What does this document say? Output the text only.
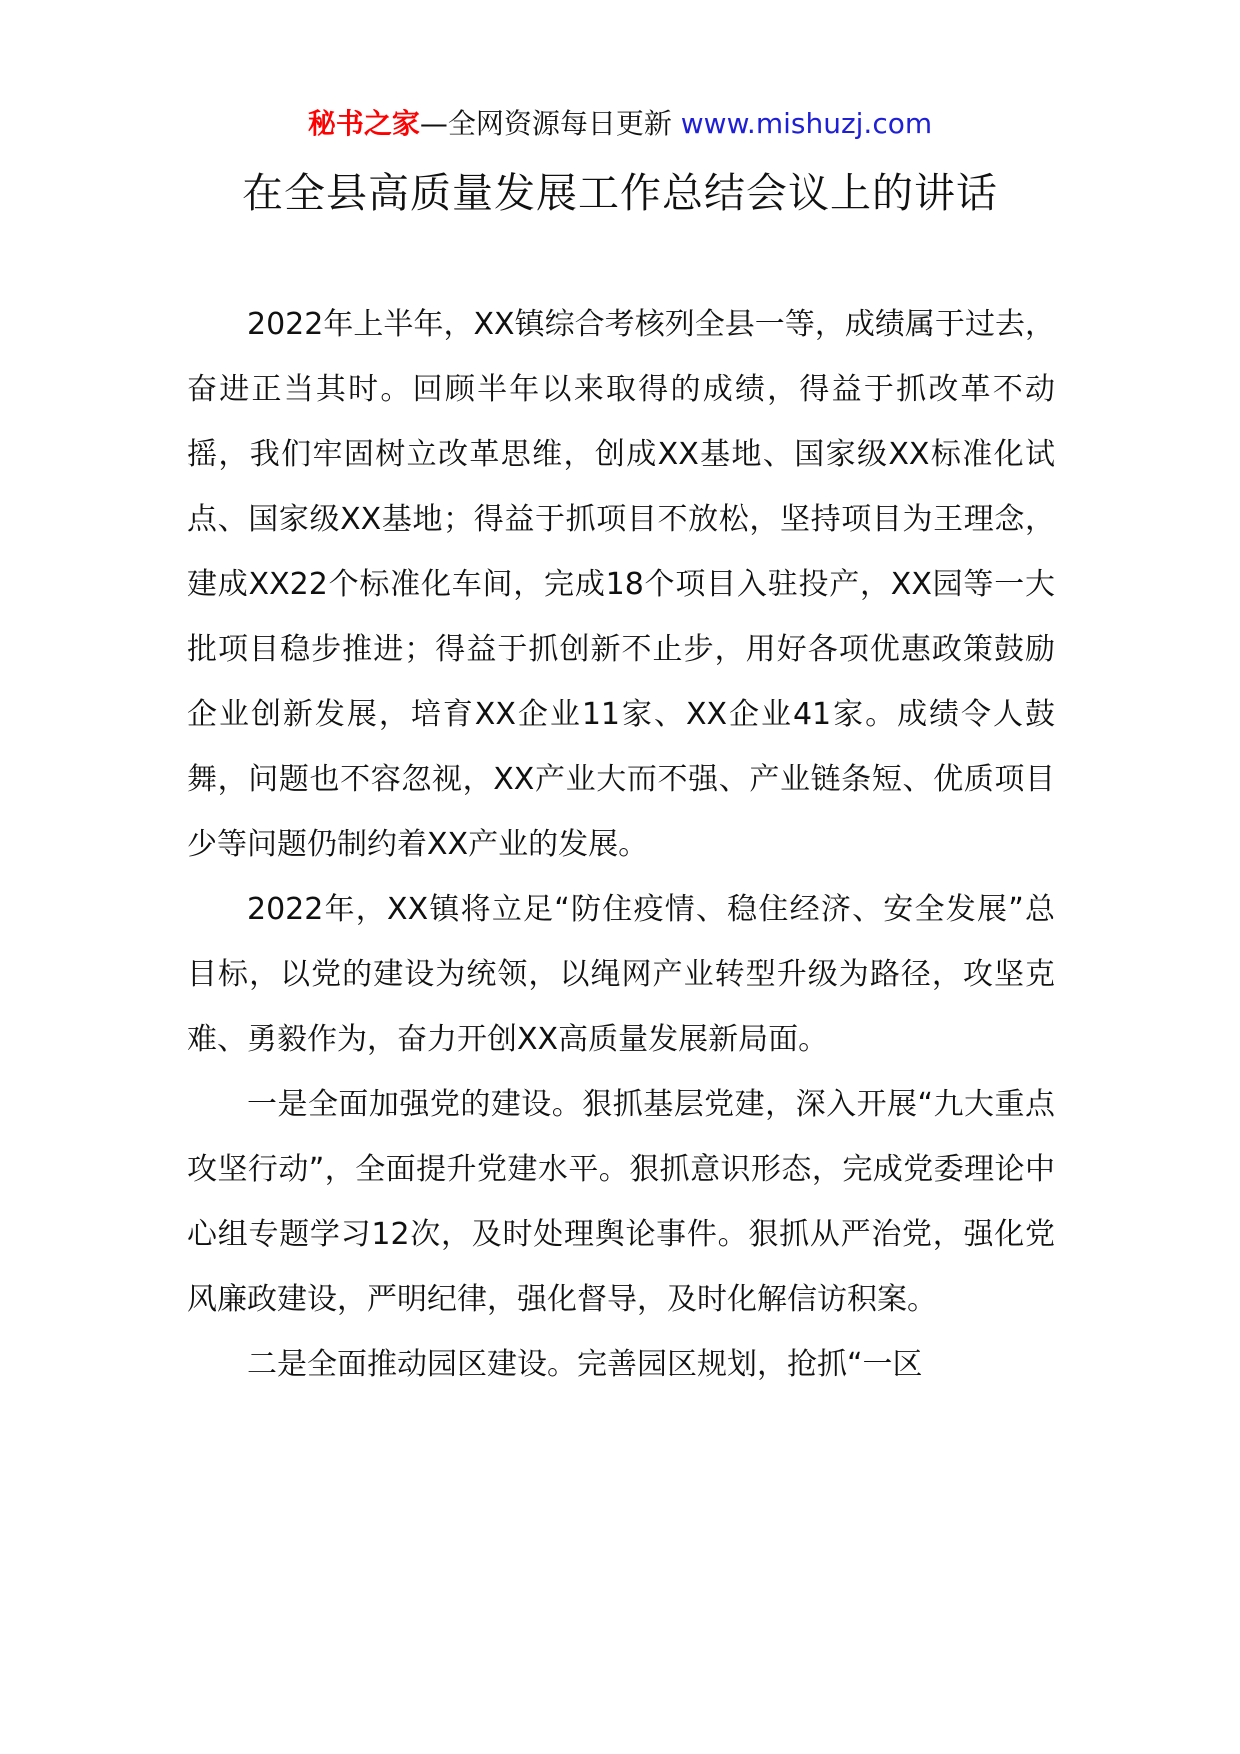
秘书之家—全网资源每日更新 www.mishuzj.com
在全县高质量发展工作总结会议上的讲话

2022年上半年，XX镇综合考核列全县一等，成绩属于过去，奋进正当其时。回顾半年以来取得的成绩，得益于抓改革不动摇，我们牢固树立改革思维，创成XX基地、国家级XX标准化试点、国家级XX基地；得益于抓项目不放松，坚持项目为王理念，建成XX22个标准化车间，完成18个项目入驻投产，XX园等一大批项目稳步推进；得益于抓创新不止步，用好各项优惠政策鼓励企业创新发展，培育XX企业11家、XX企业41家。成绩令人鼓舞，问题也不容忽视，XX产业大而不强、产业链条短、优质项目少等问题仍制约着XX产业的发展。

2022年，XX镇将立足“防住疫情、稳住经济、安全发展”总目标，以党的建设为统领，以绳网产业转型升级为路径，攻坚克难、勇毅作为，奋力开创XX高质量发展新局面。

一是全面加强党的建设。狠抓基层党建，深入开展“九大重点攻坚行动”，全面提升党建水平。狠抓意识形态，完成党委理论中心组专题学习12次，及时处理舆论事件。狠抓从严治党，强化党风廉政建设，严明纪律，强化督导，及时化解信访积案。

二是全面推动园区建设。完善园区规划，抢抓“一区
